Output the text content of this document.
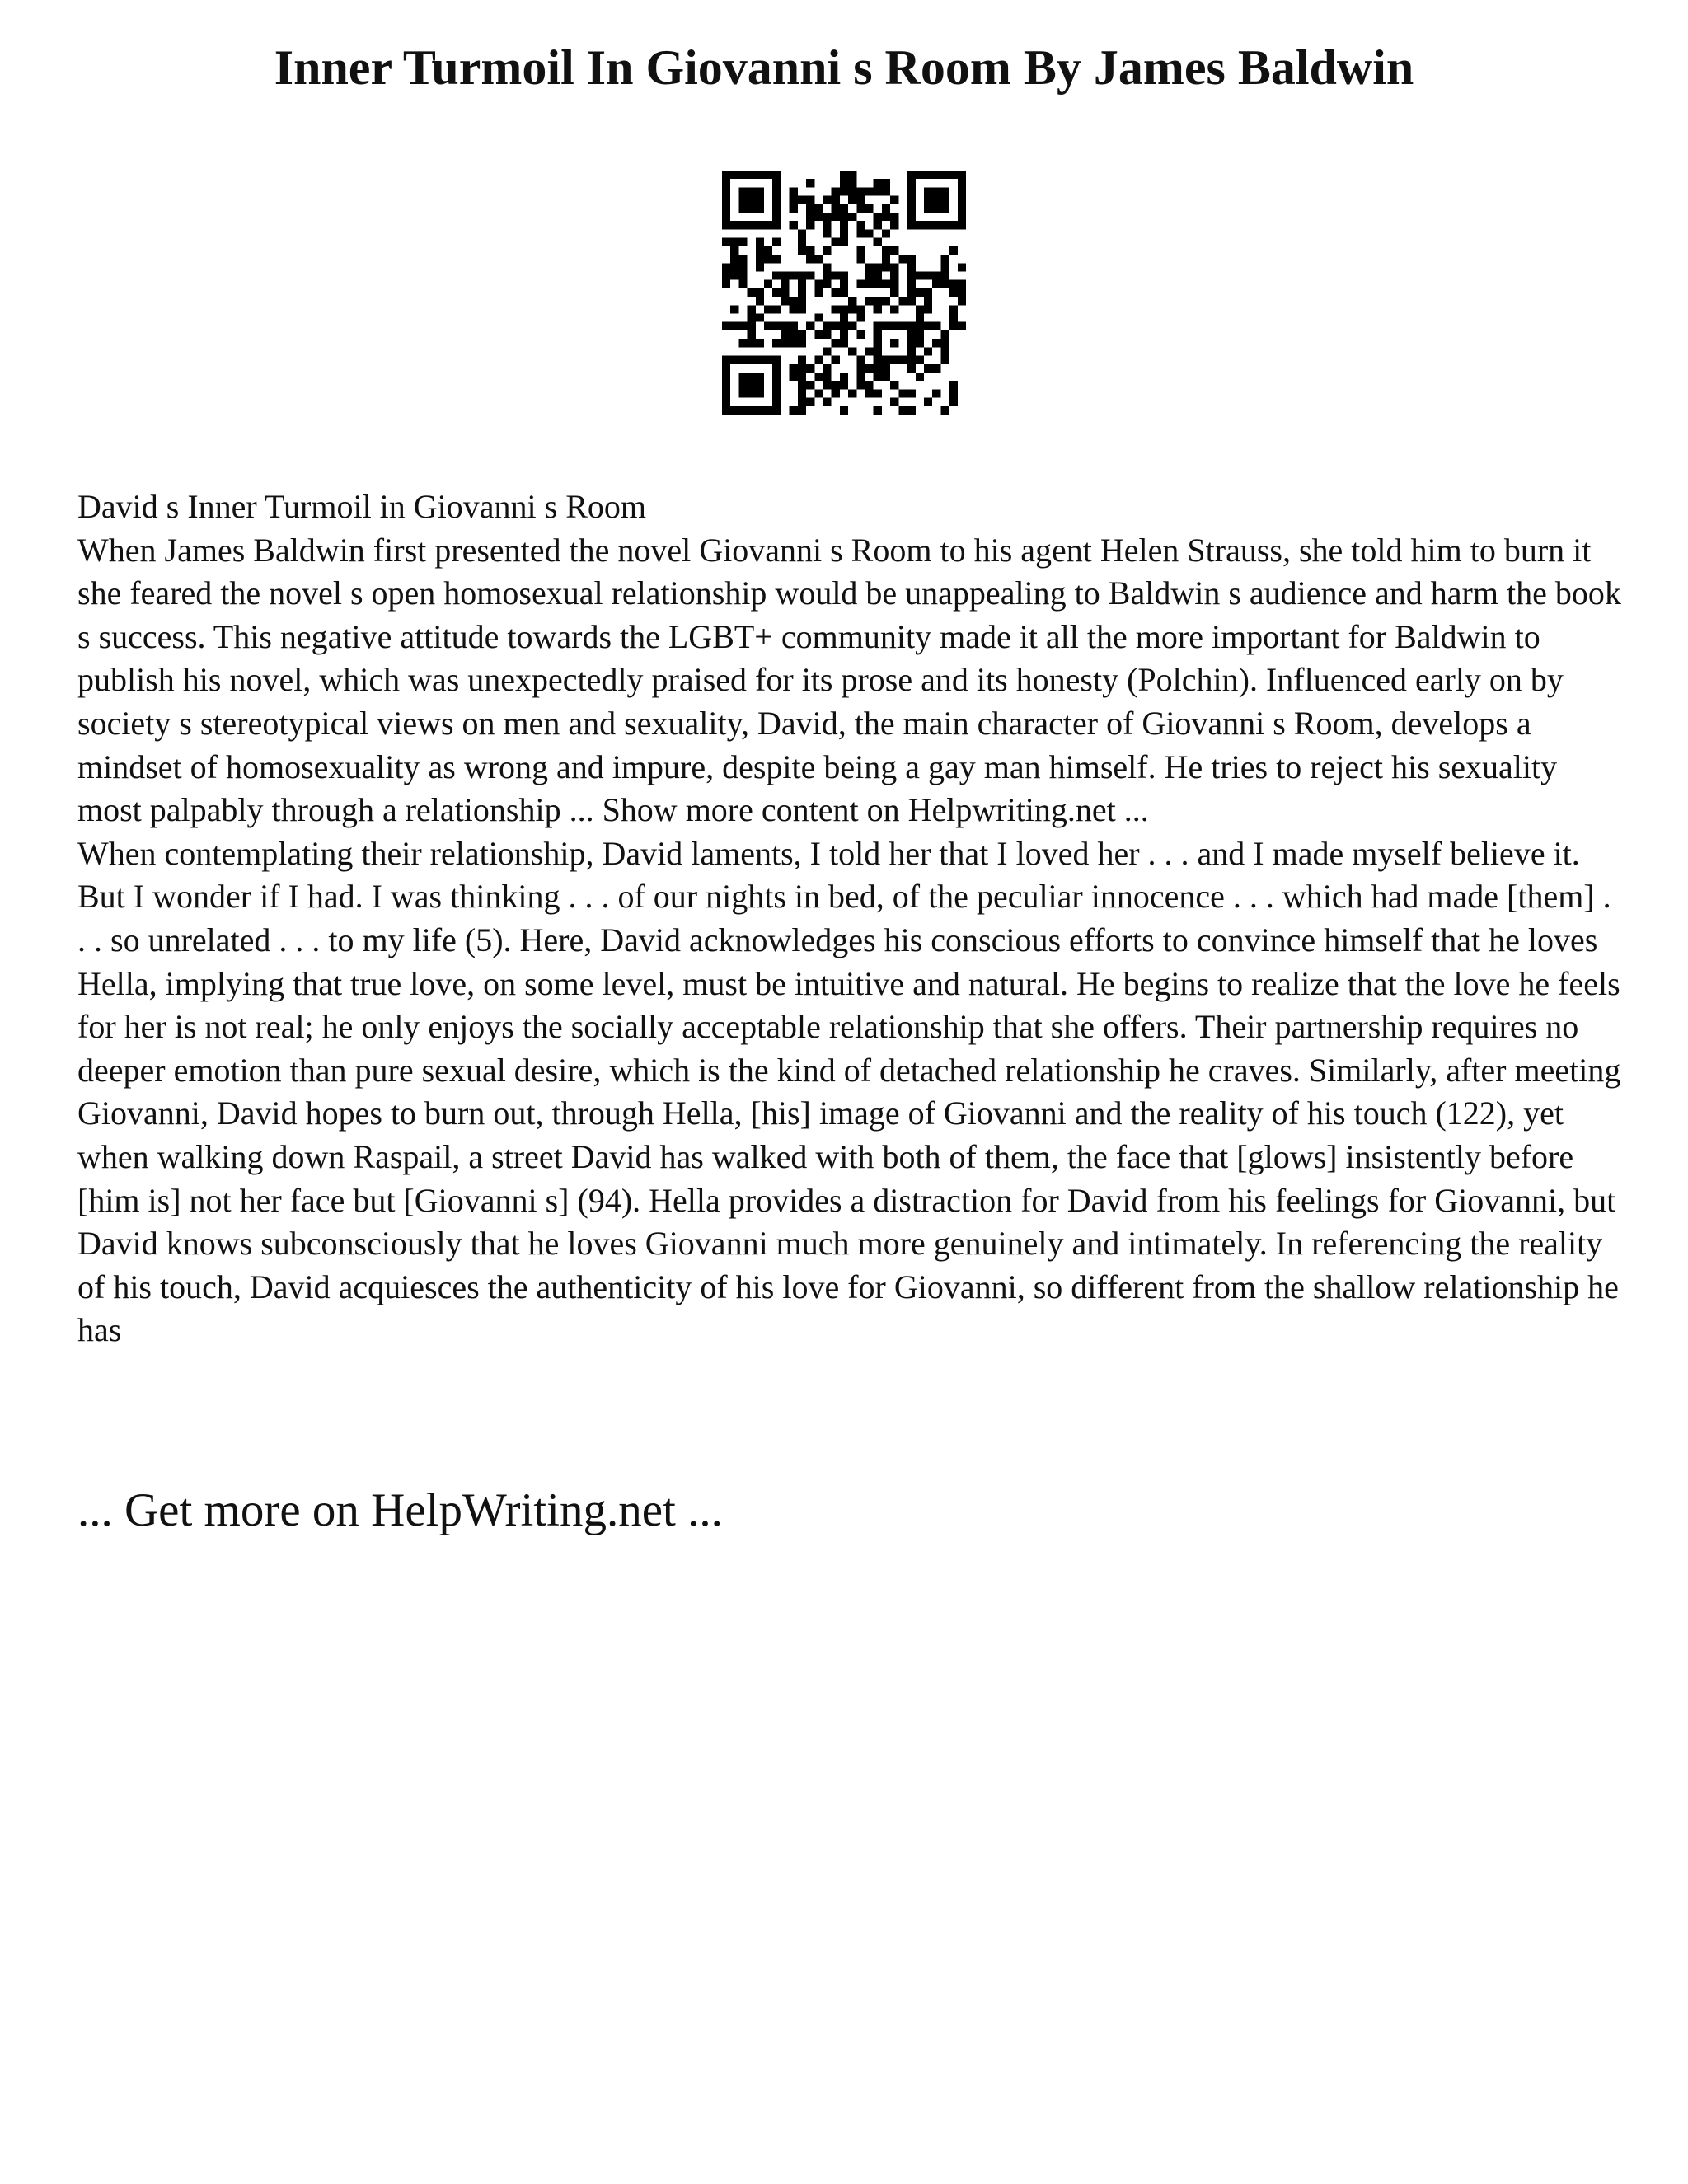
Inner Turmoil In Giovanni s Room By James Baldwin

David s Inner Turmoil in Giovanni s Room

When James Baldwin first presented the novel Giovanni s Room to his agent Helen Strauss, she told him to burn it she feared the novel s open homosexual relationship would be unappealing to Baldwin s audience and harm the book s success. This negative attitude towards the LGBT+ community made it all the more important for Baldwin to publish his novel, which was unexpectedly praised for its prose and its honesty (Polchin). Influenced early on by society s stereotypical views on men and sexuality, David, the main character of Giovanni s Room, develops a mindset of homosexuality as wrong and impure, despite being a gay man himself. He tries to reject his sexuality most palpably through a relationship ... Show more content on Helpwriting.net ...

When contemplating their relationship, David laments, I told her that I loved her . . . and I made myself believe it. But I wonder if I had. I was thinking . . . of our nights in bed, of the peculiar innocence . . . which had made [them] . . . so unrelated . . . to my life (5). Here, David acknowledges his conscious efforts to convince himself that he loves Hella, implying that true love, on some level, must be intuitive and natural. He begins to realize that the love he feels for her is not real; he only enjoys the socially acceptable relationship that she offers. Their partnership requires no deeper emotion than pure sexual desire, which is the kind of detached relationship he craves. Similarly, after meeting Giovanni, David hopes to burn out, through Hella, [his] image of Giovanni and the reality of his touch (122), yet when walking down Raspail, a street David has walked with both of them, the face that [glows] insistently before [him is] not her face but [Giovanni s] (94). Hella provides a distraction for David from his feelings for Giovanni, but David knows subconsciously that he loves Giovanni much more genuinely and intimately. In referencing the reality of his touch, David acquiesces the authenticity of his love for Giovanni, so different from the shallow relationship he has

... Get more on HelpWriting.net ...
